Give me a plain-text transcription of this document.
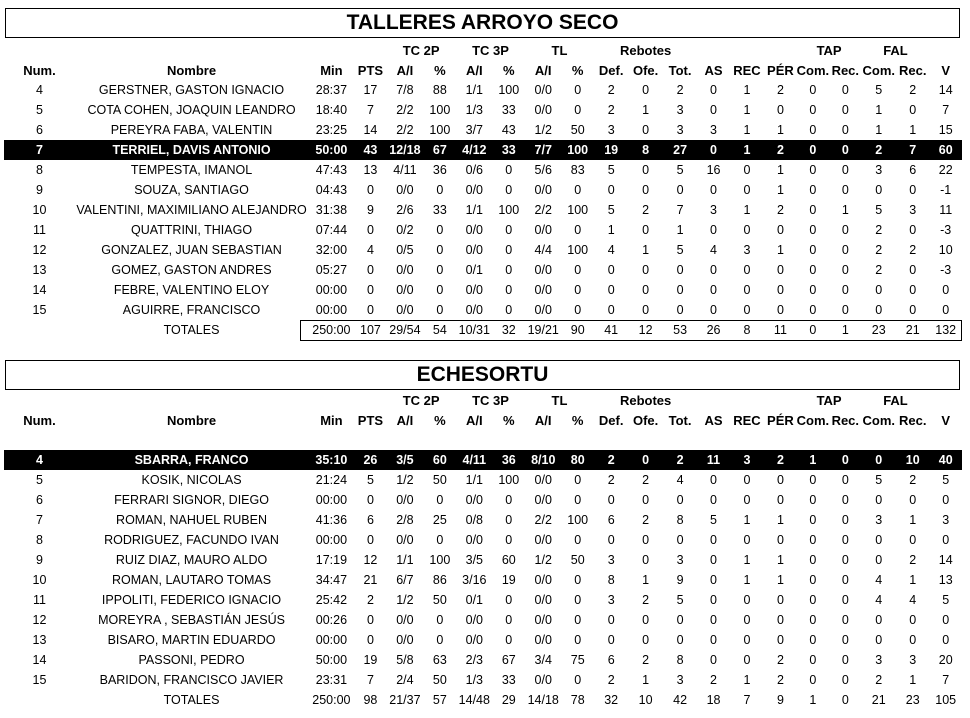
TALLERES ARROYO SECO
				TC 2P		TC 3P		TL		Rebotes						TAP		FAL		
Num.	Nombre	Min	PTS	A/I	%	A/I	%	A/I	%	Def.	Ofe.	Tot.	AS	REC	PÉR	Com.	Rec.	Com.	Rec.	V
4	GERSTNER, GASTON IGNACIO	28:37	17	7/8	88	1/1	100	0/0	0	2	0	2	0	1	2	0	0	5	2	14
5	COTA COHEN, JOAQUIN LEANDRO	18:40	7	2/2	100	1/3	33	0/0	0	2	1	3	0	1	0	0	0	1	0	7
6	PEREYRA FABA, VALENTIN	23:25	14	2/2	100	3/7	43	1/2	50	3	0	3	3	1	1	0	0	1	1	15
7	TERRIEL, DAVIS ANTONIO	50:00	43	12/18	67	4/12	33	7/7	100	19	8	27	0	1	2	0	0	2	7	60
8	TEMPESTA, IMANOL	47:43	13	4/11	36	0/6	0	5/6	83	5	0	5	16	0	1	0	0	3	6	22
9	SOUZA, SANTIAGO	04:43	0	0/0	0	0/0	0	0/0	0	0	0	0	0	0	1	0	0	0	0	-1
10	VALENTINI, MAXIMILIANO ALEJANDRO	31:38	9	2/6	33	1/1	100	2/2	100	5	2	7	3	1	2	0	1	5	3	11
11	QUATTRINI, THIAGO	07:44	0	0/2	0	0/0	0	0/0	0	1	0	1	0	0	0	0	0	2	0	-3
12	GONZALEZ, JUAN SEBASTIAN	32:00	4	0/5	0	0/0	0	4/4	100	4	1	5	4	3	1	0	0	2	2	10
13	GOMEZ, GASTON ANDRES	05:27	0	0/0	0	0/1	0	0/0	0	0	0	0	0	0	0	0	0	2	0	-3
14	FEBRE, VALENTINO ELOY	00:00	0	0/0	0	0/0	0	0/0	0	0	0	0	0	0	0	0	0	0	0	0
15	AGUIRRE, FRANCISCO	00:00	0	0/0	0	0/0	0	0/0	0	0	0	0	0	0	0	0	0	0	0	0
	TOTALES	250:00	107	29/54	54	10/31	32	19/21	90	41	12	53	26	8	11	0	1	23	21	132
ECHESORTU
				TC 2P		TC 3P		TL		Rebotes						TAP		FAL		
Num.	Nombre	Min	PTS	A/I	%	A/I	%	A/I	%	Def.	Ofe.	Tot.	AS	REC	PÉR	Com.	Rec.	Com.	Rec.	V

4	SBARRA, FRANCO	35:10	26	3/5	60	4/11	36	8/10	80	2	0	2	11	3	2	1	0	0	10	40
5	KOSIK, NICOLAS	21:24	5	1/2	50	1/1	100	0/0	0	2	2	4	0	0	0	0	0	5	2	5
6	FERRARI SIGNOR, DIEGO	00:00	0	0/0	0	0/0	0	0/0	0	0	0	0	0	0	0	0	0	0	0	0
7	ROMAN, NAHUEL RUBEN	41:36	6	2/8	25	0/8	0	2/2	100	6	2	8	5	1	1	0	0	3	1	3
8	RODRIGUEZ, FACUNDO IVAN	00:00	0	0/0	0	0/0	0	0/0	0	0	0	0	0	0	0	0	0	0	0	0
9	RUIZ DIAZ, MAURO ALDO	17:19	12	1/1	100	3/5	60	1/2	50	3	0	3	0	1	1	0	0	0	2	14
10	ROMAN, LAUTARO TOMAS	34:47	21	6/7	86	3/16	19	0/0	0	8	1	9	0	1	1	0	0	4	1	13
11	IPPOLITI, FEDERICO IGNACIO	25:42	2	1/2	50	0/1	0	0/0	0	3	2	5	0	0	0	0	0	4	4	5
12	MOREYRA , SEBASTIÁN JESÚS	00:26	0	0/0	0	0/0	0	0/0	0	0	0	0	0	0	0	0	0	0	0	0
13	BISARO, MARTIN EDUARDO	00:00	0	0/0	0	0/0	0	0/0	0	0	0	0	0	0	0	0	0	0	0	0
14	PASSONI, PEDRO	50:00	19	5/8	63	2/3	67	3/4	75	6	2	8	0	0	2	0	0	3	3	20
15	BARIDON, FRANCISCO JAVIER	23:31	7	2/4	50	1/3	33	0/0	0	2	1	3	2	1	2	0	0	2	1	7
	TOTALES	250:00	98	21/37	57	14/48	29	14/18	78	32	10	42	18	7	9	1	0	21	23	105
